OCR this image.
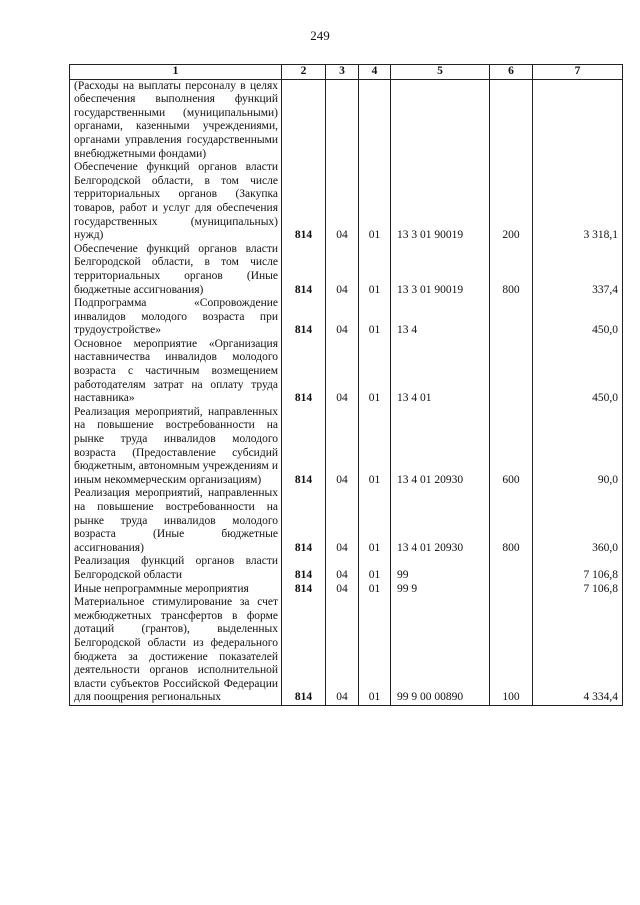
249
1	2	3	4	5	6	7
(Расходы на выплаты персоналу в целях обеспечения выполнения функций государственными (муниципальными) органами, казенными учреждениями, органами управления государственными внебюджетными фондами)						
Обеспечение функций органов власти Белгородской области, в том числе территориальных органов (Закупка товаров, работ и услуг для обеспечения государственных (муниципальных) нужд)	814	04	01	13 3 01 90019	200	3 318,1
Обеспечение функций органов власти Белгородской области, в том числе территориальных органов (Иные бюджетные ассигнования)	814	04	01	13 3 01 90019	800	337,4
Подпрограмма «Сопровождение инвалидов молодого возраста при трудоустройстве»	814	04	01	13 4		450,0
Основное мероприятие «Организация наставничества инвалидов молодого возраста с частичным возмещением работодателям затрат на оплату труда наставника»	814	04	01	13 4 01		450,0
Реализация мероприятий, направленных на повышение востребованности на рынке труда инвалидов молодого возраста (Предоставление субсидий бюджетным, автономным учреждениям и иным некоммерческим организациям)	814	04	01	13 4 01 20930	600	90,0
Реализация мероприятий, направленных на повышение востребованности на рынке труда инвалидов молодого возраста (Иные бюджетные ассигнования)	814	04	01	13 4 01 20930	800	360,0
Реализация функций органов власти Белгородской области	814	04	01	99		7 106,8
Иные непрограммные мероприятия	814	04	01	99 9		7 106,8
Материальное стимулирование за счет межбюджетных трансфертов в форме дотаций (грантов), выделенных Белгородской области из федерального бюджета за достижение показателей деятельности органов исполнительной власти субъектов Российской Федерации для поощрения региональных	814	04	01	99 9 00 00890	100	4 334,4
